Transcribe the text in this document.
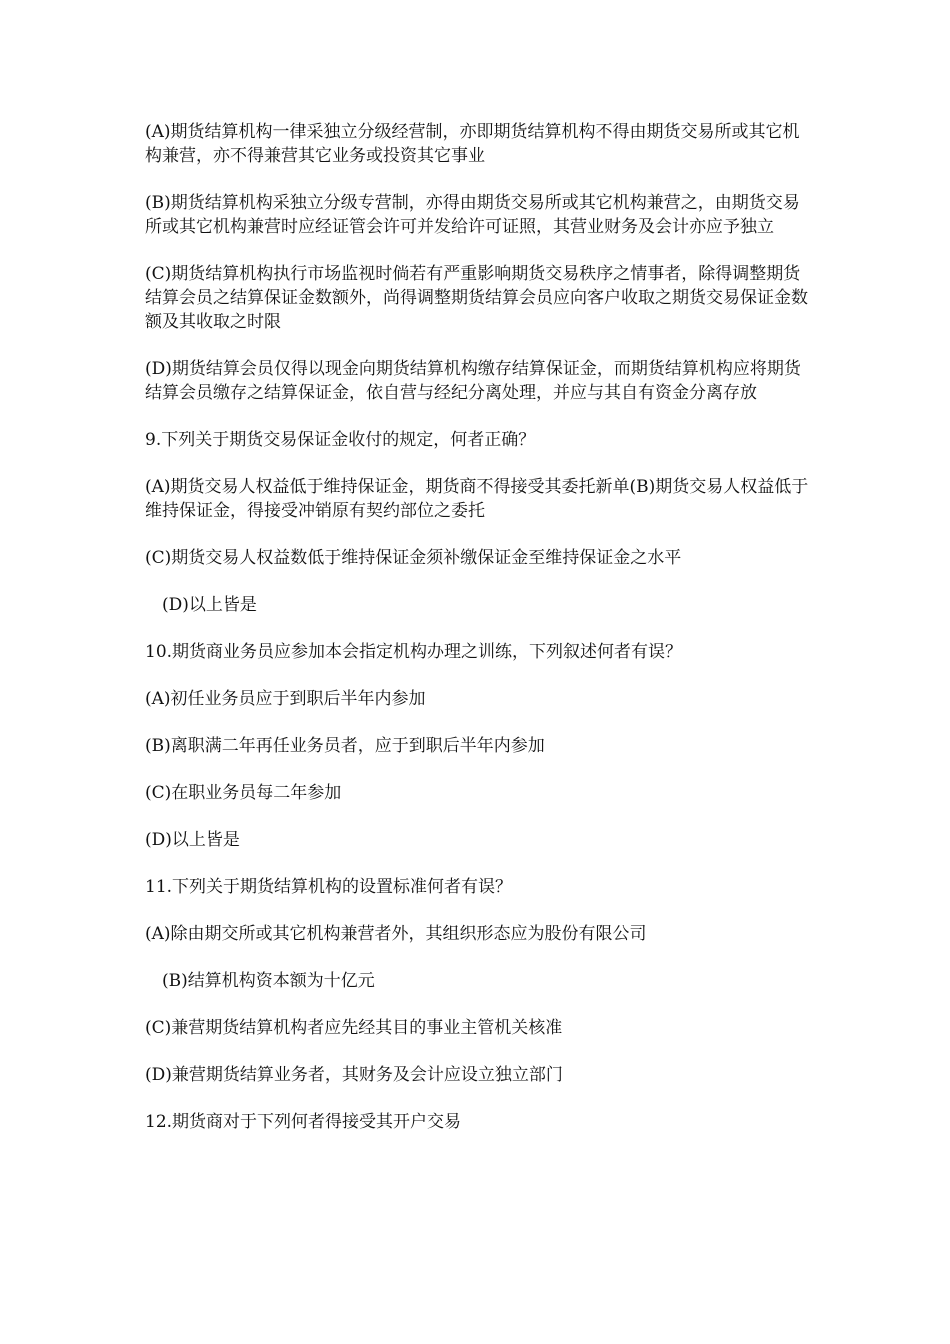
(A)期货结算机构一律采独立分级经营制，亦即期货结算机构不得由期货交易所或其它机构兼营，亦不得兼营其它业务或投资其它事业

(B)期货结算机构采独立分级专营制，亦得由期货交易所或其它机构兼营之，由期货交易所或其它机构兼营时应经证管会许可并发给许可证照，其营业财务及会计亦应予独立

(C)期货结算机构执行市场监视时倘若有严重影响期货交易秩序之情事者，除得调整期货结算会员之结算保证金数额外，尚得调整期货结算会员应向客户收取之期货交易保证金数额及其收取之时限

(D)期货结算会员仅得以现金向期货结算机构缴存结算保证金，而期货结算机构应将期货结算会员缴存之结算保证金，依自营与经纪分离处理，并应与其自有资金分离存放

9.下列关于期货交易保证金收付的规定，何者正确？

(A)期货交易人权益低于维持保证金，期货商不得接受其委托新单(B)期货交易人权益低于维持保证金，得接受冲销原有契约部位之委托

(C)期货交易人权益数低于维持保证金须补缴保证金至维持保证金之水平

(D)以上皆是

10.期货商业务员应参加本会指定机构办理之训练，下列叙述何者有误？

(A)初任业务员应于到职后半年内参加

(B)离职满二年再任业务员者，应于到职后半年内参加

(C)在职业务员每二年参加

(D)以上皆是

11.下列关于期货结算机构的设置标准何者有误？

(A)除由期交所或其它机构兼营者外，其组织形态应为股份有限公司

(B)结算机构资本额为十亿元

(C)兼营期货结算机构者应先经其目的事业主管机关核准

(D)兼营期货结算业务者，其财务及会计应设立独立部门

12.期货商对于下列何者得接受其开户交易
